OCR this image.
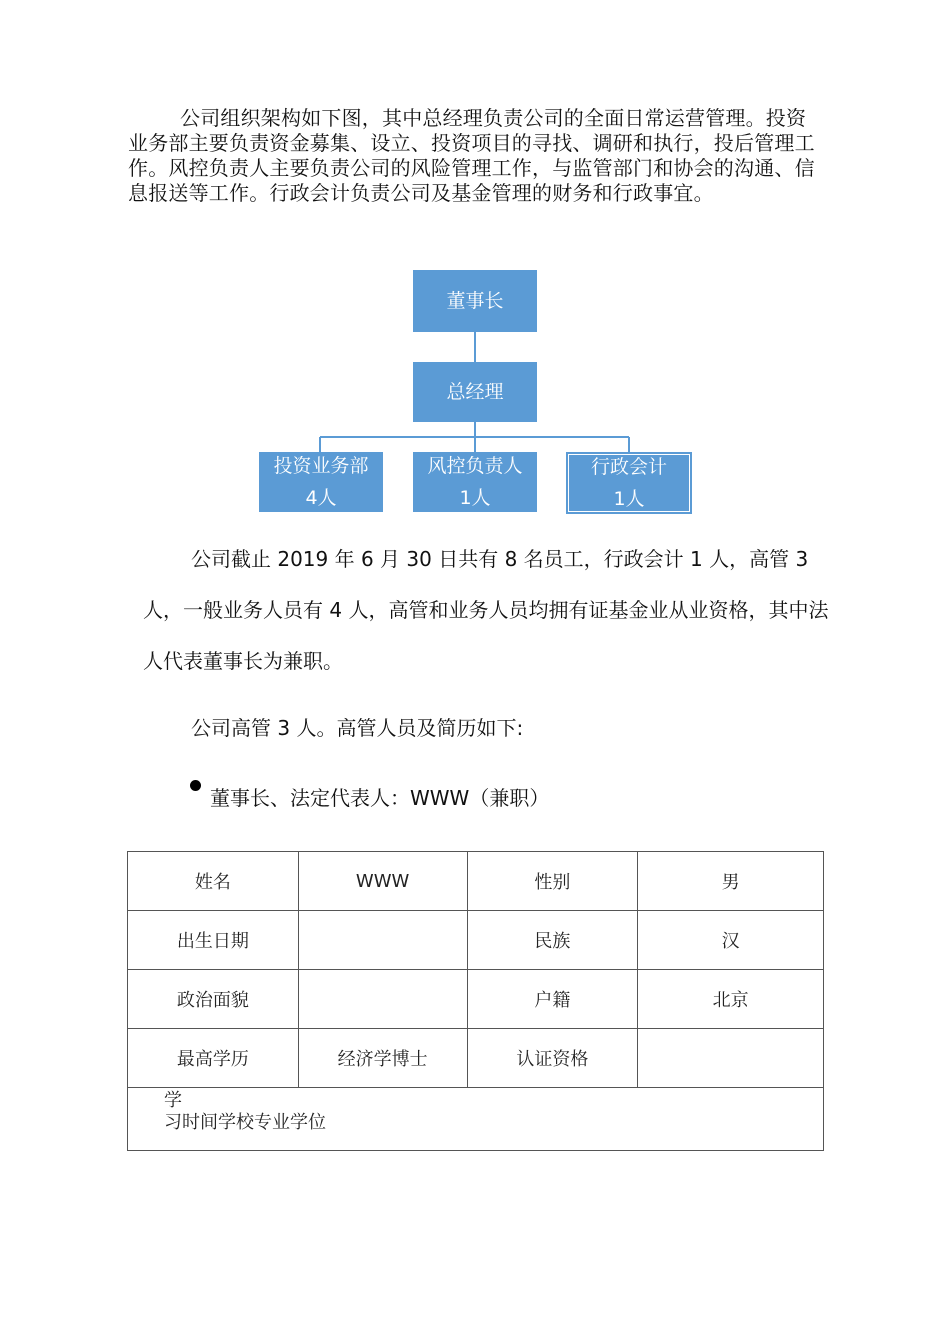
公司组织架构如下图，其中总经理负责公司的全面日常运营管理。投资业务部主要负责资金募集、设立、投资项目的寻找、调研和执行，投后管理工作。风控负责人主要负责公司的风险管理工作，与监管部门和协会的沟通、信息报送等工作。行政会计负责公司及基金管理的财务和行政事宜。

董事长
总经理
投资业务部
4人
风控负责人
1人
行政会计
1人

公司截止 2019 年 6 月 30 日共有 8 名员工，行政会计 1 人，高管 3 人，一般业务人员有 4 人，高管和业务人员均拥有证基金业从业资格，其中法人代表董事长为兼职。

公司高管 3 人。高管人员及简历如下:

董事长、法定代表人：WWW（兼职）
姓名	WWW	性别	男
出生日期		民族	汉
政治面貌		户籍	北京
最高学历	经济学博士	认证资格	

学
习时间学校专业学位			
